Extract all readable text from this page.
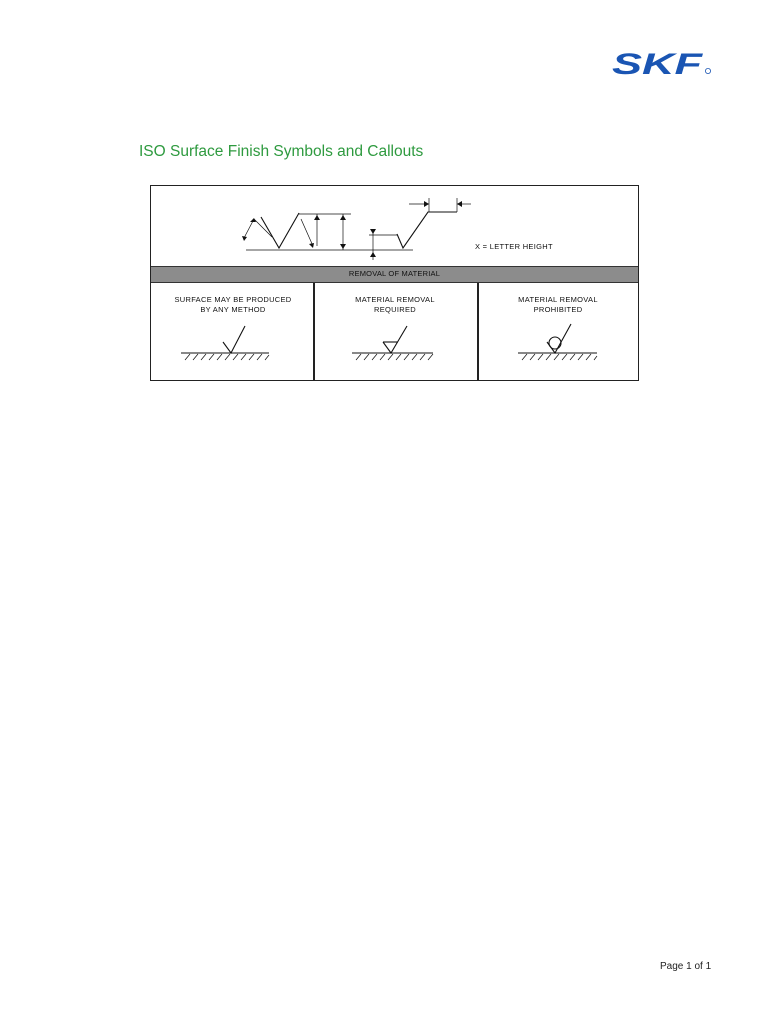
SKF
ISO Surface Finish Symbols and Callouts
X = LETTER HEIGHT
REMOVAL OF MATERIAL
SURFACE MAY BE PRODUCED
BY ANY METHOD
MATERIAL REMOVAL
REQUIRED
MATERIAL REMOVAL
PROHIBITED
Page 1 of 1
